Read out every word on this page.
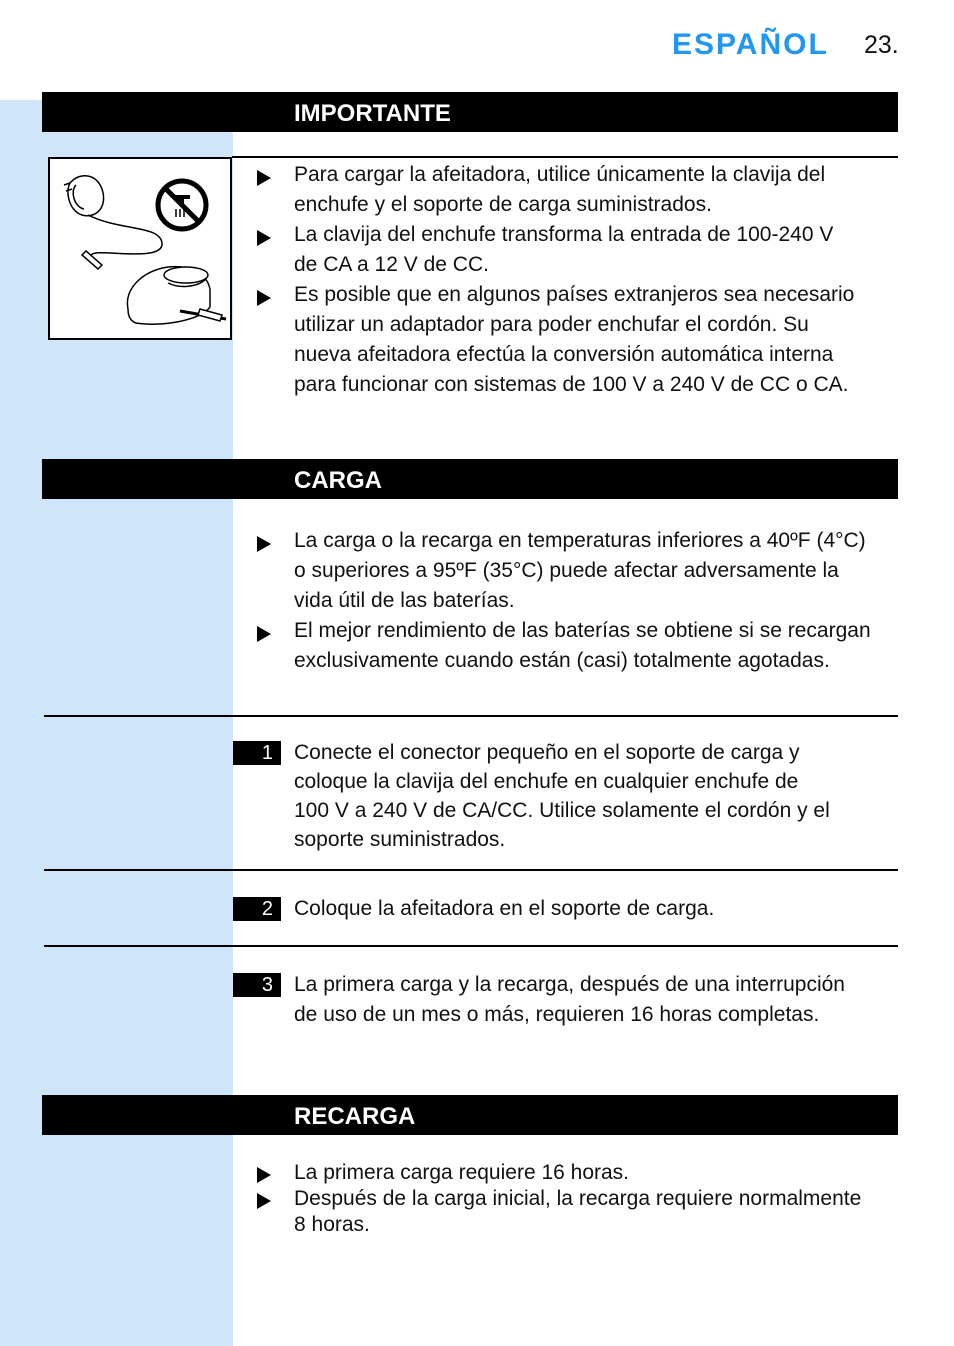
ESPAÑOL 23.
IMPORTANTE
Para cargar la afeitadora, utilice únicamente la clavija del
enchufe y el soporte de carga suministrados.
La clavija del enchufe transforma la entrada de 100-240 V
de CA a 12 V de CC.
Es posible que en algunos países extranjeros sea necesario
utilizar un adaptador para poder enchufar el cordón. Su
nueva afeitadora efectúa la conversión automática interna
para funcionar con sistemas de 100 V a 240 V de CC o CA.
CARGA
La carga o la recarga en temperaturas inferiores a 40ºF (4°C)
o superiores a 95ºF (35°C) puede afectar adversamente la
vida útil de las baterías.
El mejor rendimiento de las baterías se obtiene si se recargan
exclusivamente cuando están (casi) totalmente agotadas.
1	Conecte el conector pequeño en el soporte de carga y
coloque la clavija del enchufe en cualquier enchufe de
100 V a 240 V de CA/CC. Utilice solamente el cordón y el
soporte suministrados.
2	Coloque la afeitadora en el soporte de carga.
3	La primera carga y la recarga, después de una interrupción
de uso de un mes o más, requieren 16 horas completas.
RECARGA
La primera carga requiere 16 horas.
Después de la carga inicial, la recarga requiere normalmente
8 horas.
